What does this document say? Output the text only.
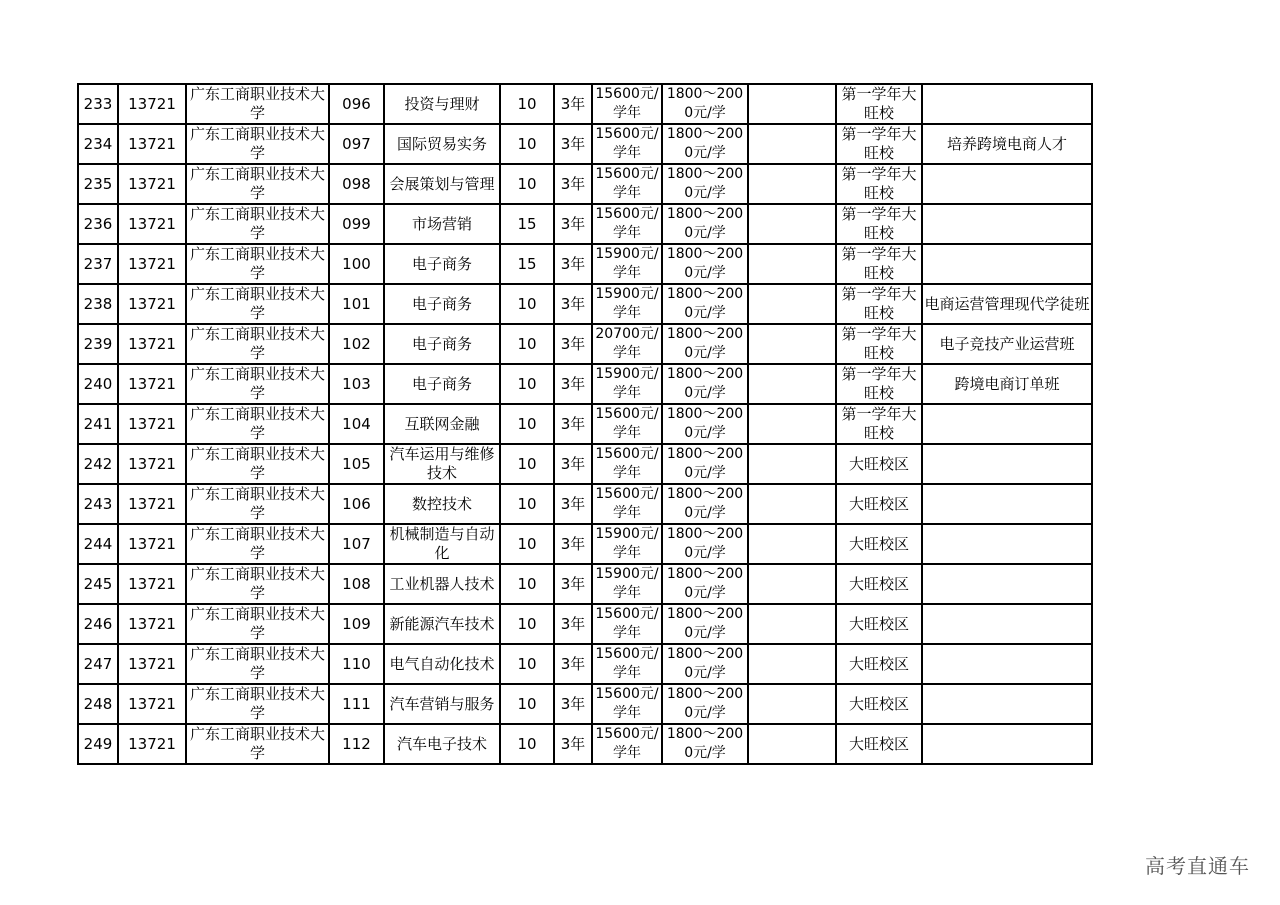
233	13721	广东工商职业技术大学	096	投资与理财	10	3年	15600元/学年	1800～2000元/学		第一学年大旺校	
234	13721	广东工商职业技术大学	097	国际贸易实务	10	3年	15600元/学年	1800～2000元/学		第一学年大旺校	培养跨境电商人才
235	13721	广东工商职业技术大学	098	会展策划与管理	10	3年	15600元/学年	1800～2000元/学		第一学年大旺校	
236	13721	广东工商职业技术大学	099	市场营销	15	3年	15600元/学年	1800～2000元/学		第一学年大旺校	
237	13721	广东工商职业技术大学	100	电子商务	15	3年	15900元/学年	1800～2000元/学		第一学年大旺校	
238	13721	广东工商职业技术大学	101	电子商务	10	3年	15900元/学年	1800～2000元/学		第一学年大旺校	电商运营管理现代学徒班
239	13721	广东工商职业技术大学	102	电子商务	10	3年	20700元/学年	1800～2000元/学		第一学年大旺校	电子竞技产业运营班
240	13721	广东工商职业技术大学	103	电子商务	10	3年	15900元/学年	1800～2000元/学		第一学年大旺校	跨境电商订单班
241	13721	广东工商职业技术大学	104	互联网金融	10	3年	15600元/学年	1800～2000元/学		第一学年大旺校	
242	13721	广东工商职业技术大学	105	汽车运用与维修技术	10	3年	15600元/学年	1800～2000元/学		大旺校区	
243	13721	广东工商职业技术大学	106	数控技术	10	3年	15600元/学年	1800～2000元/学		大旺校区	
244	13721	广东工商职业技术大学	107	机械制造与自动化	10	3年	15900元/学年	1800～2000元/学		大旺校区	
245	13721	广东工商职业技术大学	108	工业机器人技术	10	3年	15900元/学年	1800～2000元/学		大旺校区	
246	13721	广东工商职业技术大学	109	新能源汽车技术	10	3年	15600元/学年	1800～2000元/学		大旺校区	
247	13721	广东工商职业技术大学	110	电气自动化技术	10	3年	15600元/学年	1800～2000元/学		大旺校区	
248	13721	广东工商职业技术大学	111	汽车营销与服务	10	3年	15600元/学年	1800～2000元/学		大旺校区	
249	13721	广东工商职业技术大学	112	汽车电子技术	10	3年	15600元/学年	1800～2000元/学		大旺校区	
高考直通车
